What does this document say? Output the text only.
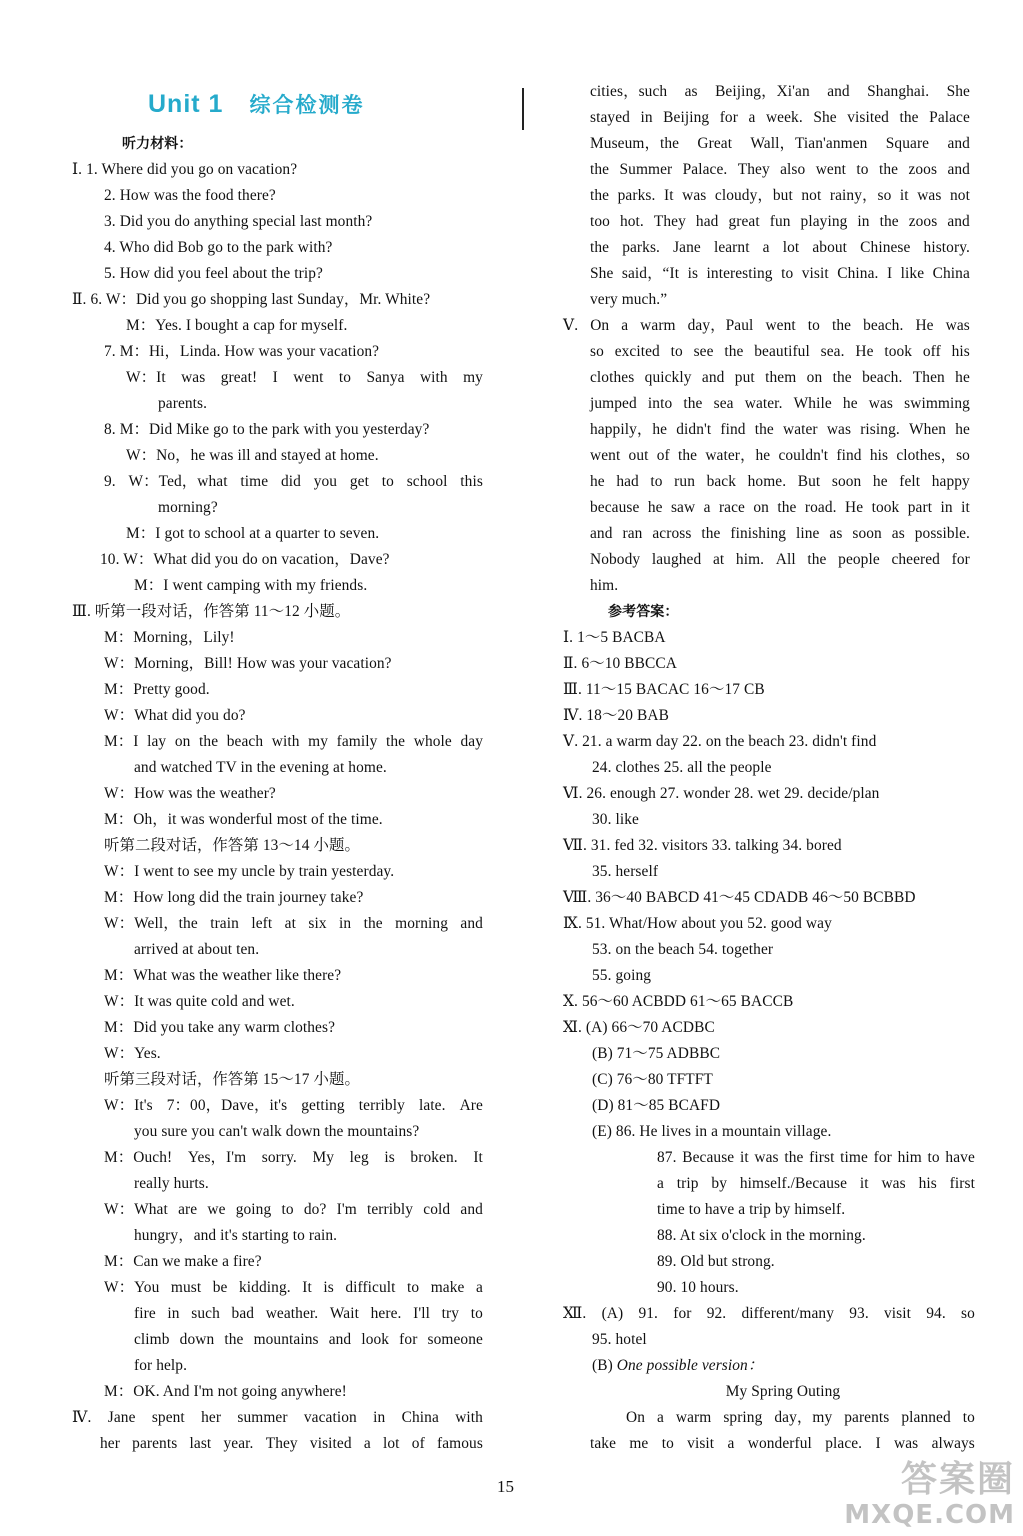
Unit 1 综合检测卷
听力材料：
Ⅰ. 1. Where did you go on vacation?
2. How was the food there?
3. Did you do anything special last month?
4. Who did Bob go to the park with?
5. How did you feel about the trip?
Ⅱ. 6. W：Did you go shopping last Sunday，Mr. White?
M：Yes. I bought a cap for myself.
7. M：Hi，Linda. How was your vacation?
W：It was great! I went to Sanya with my
parents.
8. M：Did Mike go to the park with you yesterday?
W：No，he was ill and stayed at home.
9. W：Ted，what time did you get to school this
morning?
M：I got to school at a quarter to seven.
10. W：What did you do on vacation，Dave?
M：I went camping with my friends.
Ⅲ. 听第一段对话，作答第 11～12 小题。
M：Morning，Lily!
W：Morning，Bill! How was your vacation?
M：Pretty good.
W：What did you do?
M：I lay on the beach with my family the whole day
and watched TV in the evening at home.
W：How was the weather?
M：Oh，it was wonderful most of the time.
听第二段对话，作答第 13～14 小题。
W：I went to see my uncle by train yesterday.
M：How long did the train journey take?
W：Well，the train left at six in the morning and
arrived at about ten.
M：What was the weather like there?
W：It was quite cold and wet.
M：Did you take any warm clothes?
W：Yes.
听第三段对话，作答第 15～17 小题。
W：It's 7：00，Dave，it's getting terribly late. Are
you sure you can't walk down the mountains?
M：Ouch! Yes，I'm sorry. My leg is broken. It
really hurts.
W：What are we going to do? I'm terribly cold and
hungry，and it's starting to rain.
M：Can we make a fire?
W：You must be kidding. It is difficult to make a
fire in such bad weather. Wait here. I'll try to
climb down the mountains and look for someone
for help.
M：OK. And I'm not going anywhere!
Ⅳ. Jane spent her summer vacation in China with
her parents last year. They visited a lot of famous
cities，such as Beijing，Xi'an and Shanghai. She
stayed in Beijing for a week. She visited the Palace
Museum，the Great Wall，Tian'anmen Square and
the Summer Palace. They also went to the zoos and
the parks. It was cloudy，but not rainy，so it was not
too hot. They had great fun playing in the zoos and
the parks. Jane learnt a lot about Chinese history.
She said，“It is interesting to visit China. I like China
very much.”
Ⅴ. On a warm day，Paul went to the beach. He was
so excited to see the beautiful sea. He took off his
clothes quickly and put them on the beach. Then he
jumped into the sea water. While he was swimming
happily，he didn't find the water was rising. When he
went out of the water，he couldn't find his clothes，so
he had to run back home. But soon he felt happy
because he saw a race on the road. He took part in it
and ran across the finishing line as soon as possible.
Nobody laughed at him. All the people cheered for
him.
参考答案：
Ⅰ. 1～5 BACBA
Ⅱ. 6～10 BBCCA
Ⅲ. 11～15 BACAC 16～17 CB
Ⅳ. 18～20 BAB
Ⅴ. 21. a warm day 22. on the beach 23. didn't find
24. clothes 25. all the people
Ⅵ. 26. enough 27. wonder 28. wet 29. decide/plan
30. like
Ⅶ. 31. fed 32. visitors 33. talking 34. bored
35. herself
Ⅷ. 36～40 BABCD 41～45 CDADB 46～50 BCBBD
Ⅸ. 51. What/How about you 52. good way
53. on the beach 54. together
55. going
Ⅹ. 56～60 ACBDD 61～65 BACCB
Ⅺ. (A) 66～70 ACDBC
(B) 71～75 ADBBC
(C) 76～80 TFTFT
(D) 81～85 BCAFD
(E) 86. He lives in a mountain village.
87. Because it was the first time for him to have
a trip by himself./Because it was his first
time to have a trip by himself.
88. At six o'clock in the morning.
89. Old but strong.
90. 10 hours.
Ⅻ. (A) 91. for 92. different/many 93. visit 94. so
95. hotel
(B) One possible version：
My Spring Outing
On a warm spring day，my parents planned to
take me to visit a wonderful place. I was always
15	答案圈
MXQE.COM
